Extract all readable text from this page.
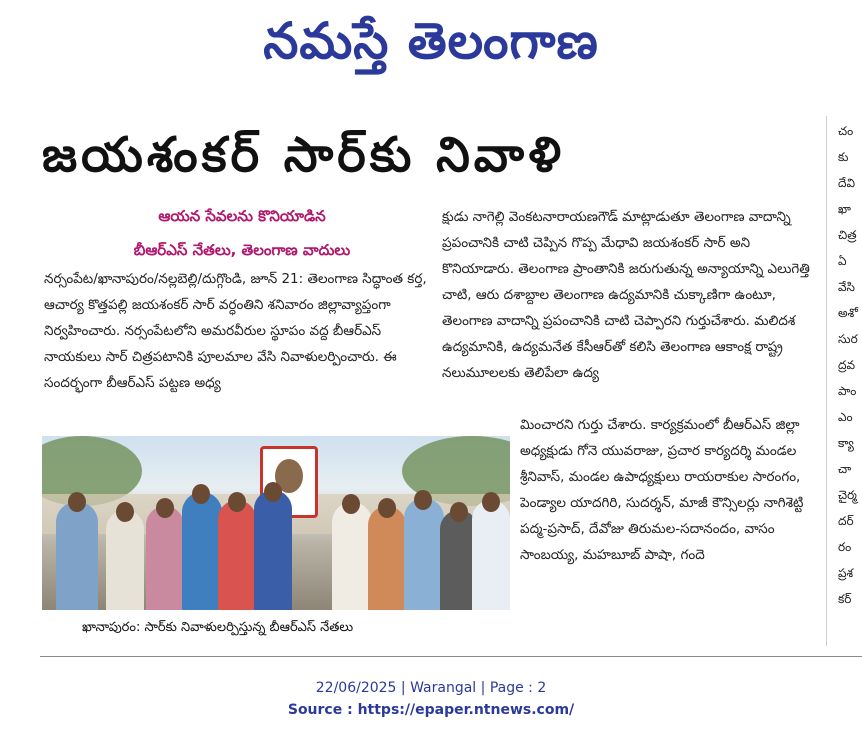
నమస్తే తెలంగాణ
జయశంకర్ సార్‌కు నివాళి
ఆయన సేవలను కొనియాడిన
బీఆర్ఎస్ నేతలు, తెలంగాణ వాదులు
నర్సంపేట/ఖానాపురం/నల్లబెల్లి/దుగ్గొండి, జూన్ 21: తెలంగాణ సిద్ధాంత కర్త, ఆచార్య కొత్తపల్లి జయశంకర్ సార్ వర్ధంతిని శనివారం జిల్లావ్యాప్తంగా నిర్వహించారు. నర్సంపేటలోని అమరవీరుల స్థూపం వద్ద బీఆర్ఎస్ నాయకులు సార్ చిత్రపటానికి పూలమాల వేసి నివాళులర్పించారు. ఈ సందర్భంగా బీఆర్ఎస్ పట్టణ అధ్య
ఖానాపురం: సార్‌కు నివాళులర్పిస్తున్న బీఆర్ఎస్ నేతలు
క్షుడు నాగెల్లి వెంకటనారాయణగౌడ్ మాట్లాడుతూ తెలంగాణ వాదాన్ని ప్రపంచానికి చాటి చెప్పిన గొప్ప మేధావి జయశంకర్ సార్ అని కొనియాడారు. తెలంగాణ ప్రాంతానికి జరుగుతున్న అన్యాయాన్ని ఎలుగెత్తి చాటి, ఆరు దశాబ్దాల తెలంగాణ ఉద్యమానికి చుక్కాణిగా ఉంటూ, తెలంగాణ వాదాన్ని ప్రపంచానికి చాటి చెప్పారని గుర్తుచేశారు. మలిదశ ఉద్యమానికి, ఉద్యమనేత కేసీఆర్‌తో కలిసి తెలంగాణ ఆకాంక్ష రాష్ట్ర నలుమూలలకు తెలిపేలా ఉద్య
మించారని గుర్తు చేశారు. కార్యక్రమంలో బీఆర్ఎస్ జిల్లా అధ్యక్షుడు గోనె యువరాజు, ప్రచార కార్యదర్శి మండల శ్రీనివాస్, మండల ఉపాధ్యక్షులు రాయరాకుల సారంగం, పెండ్యాల యాదగిరి, సుదర్శన్, మాజీ కౌన్సిలర్లు నాగిశెట్టి పద్మ-ప్రసాద్, దేవోజు తిరుమల-సదానందం, వాసం సాంబయ్య, మహబూబ్ పాషా, గందె
చం కు దేవి ఖా చిత్ర ఏ వేసి అశో సుర ద్రవ పాం ఎం క్యా చా చైర్మ దర్ రం ప్రశ కర్
22/06/2025 | Warangal | Page : 2
Source : https://epaper.ntnews.com/
